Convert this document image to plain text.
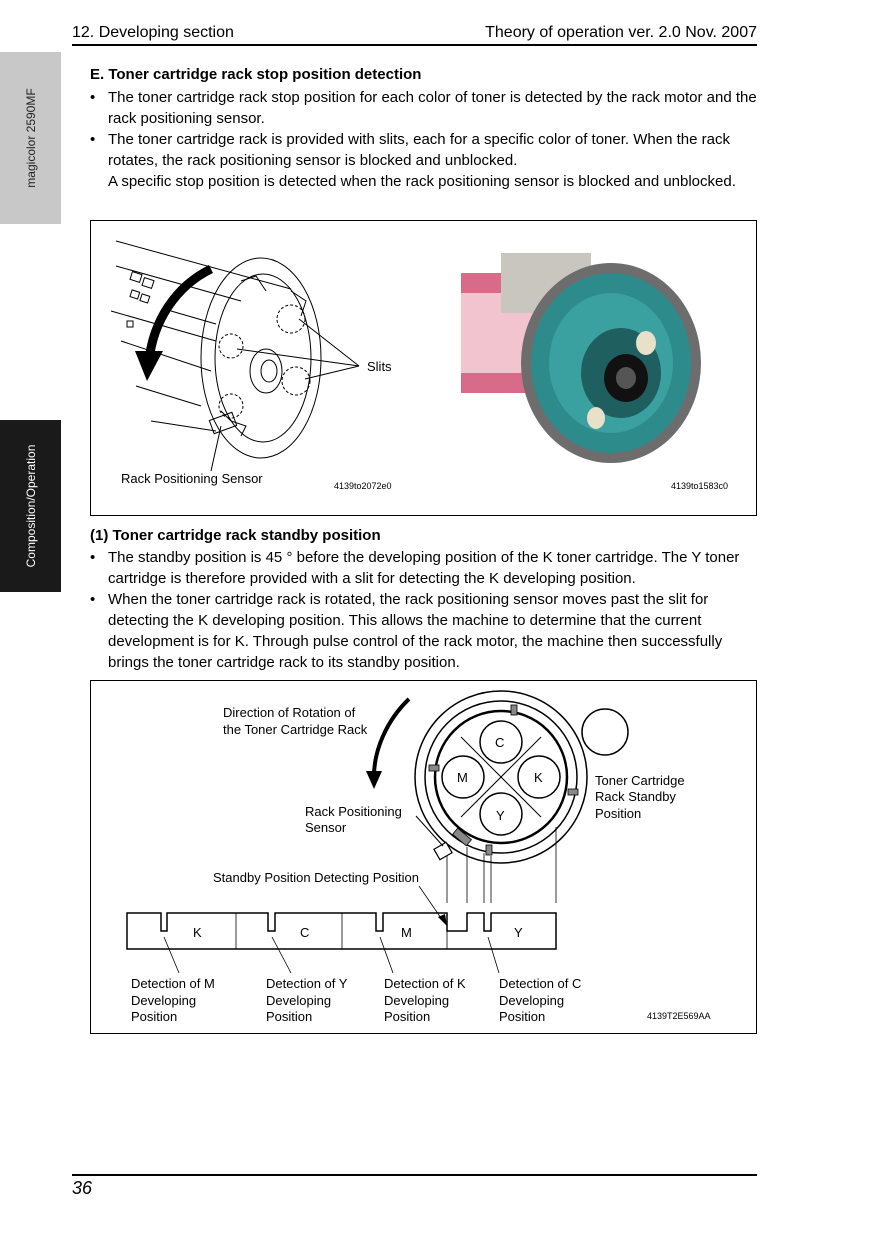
12. Developing section	Theory of operation ver. 2.0 Nov. 2007
magicolor 2590MF
Composition/Operation
E. Toner cartridge rack stop position detection
• The toner cartridge rack stop position for each color of toner is detected by the rack motor and the rack positioning sensor.
• The toner cartridge rack is provided with slits, each for a specific color of toner. When the rack rotates, the rack positioning sensor is blocked and unblocked.
A specific stop position is detected when the rack positioning sensor is blocked and unblocked.
Slits
Rack Positioning Sensor	4139to2072e0	4139to1583c0
(1) Toner cartridge rack standby position
• The standby position is 45 ° before the developing position of the K toner cartridge. The Y toner cartridge is therefore provided with a slit for detecting the K developing position.
• When the toner cartridge rack is rotated, the rack positioning sensor moves past the slit for detecting the K developing position. This allows the machine to determine that the current development is for K. Through pulse control of the rack motor, the machine then successfully brings the toner cartridge rack to its standby position.
Direction of Rotation of
the Toner Cartridge Rack
C
M	K
Y
Toner Cartridge
Rack Standby
Position
Rack Positioning
Sensor
Standby Position Detecting Position
K	C	M	Y
Detection of M
Developing
Position
Detection of Y
Developing
Position
Detection of K
Developing
Position
Detection of C
Developing
Position	4139T2E569AA
36
